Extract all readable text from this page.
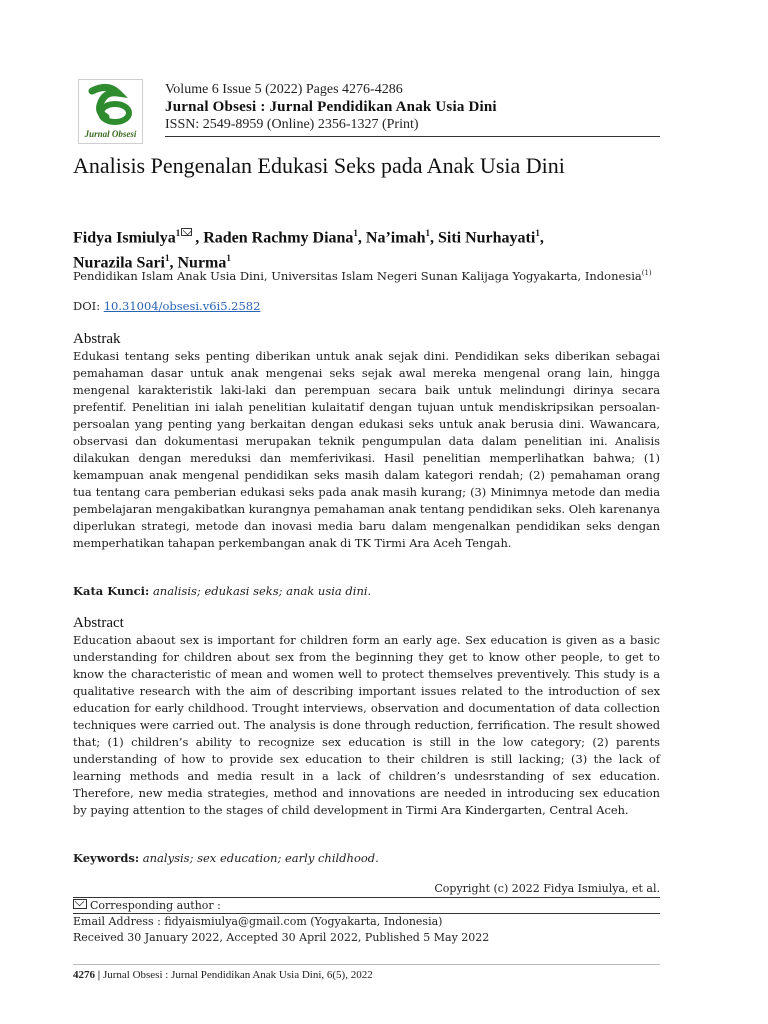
Jurnal Obsesi
Volume 6 Issue 5 (2022) Pages 4276-4286
Jurnal Obsesi : Jurnal Pendidikan Anak Usia Dini
ISSN: 2549-8959 (Online) 2356-1327 (Print)
Analisis Pengenalan Edukasi Seks pada Anak Usia Dini
Fidya Ismiulya$^1$ , Raden Rachmy Diana$^1$, Na’imah$^1$, Siti Nurhayati$^1$,
Nurazila Sari$^1$, Nurma$^1$
Pendidikan Islam Anak Usia Dini, Universitas Islam Negeri Sunan Kalijaga Yogyakarta, Indonesia$^{(1)}$
DOI: 10.31004/obsesi.v6i5.2582
Abstrak

Edukasi tentang seks penting diberikan untuk anak sejak dini. Pendidikan seks diberikan sebagai pemahaman dasar untuk anak mengenai seks sejak awal mereka mengenal orang lain, hingga mengenal karakteristik laki-laki dan perempuan secara baik untuk melindungi dirinya secara prefentif. Penelitian ini ialah penelitian kulaitatif dengan tujuan untuk mendiskripsikan persoalan-persoalan yang penting yang berkaitan dengan edukasi seks untuk anak berusia dini. Wawancara, observasi dan dokumentasi merupakan teknik pengumpulan data dalam penelitian ini. Analisis dilakukan dengan mereduksi dan memferivikasi. Hasil penelitian memperlihatkan bahwa; (1) kemampuan anak mengenal pendidikan seks masih dalam kategori rendah; (2) pemahaman orang tua tentang cara pemberian edukasi seks pada anak masih kurang; (3) Minimnya metode dan media pembelajaran mengakibatkan kurangnya pemahaman anak tentang pendidikan seks. Oleh karenanya diperlukan strategi, metode dan inovasi media baru dalam mengenalkan pendidikan seks dengan memperhatikan tahapan perkembangan anak di TK Tirmi Ara Aceh Tengah.

Kata Kunci: analisis; edukasi seks; anak usia dini.
Abstract

Education abaout sex is important for children form an early age. Sex education is given as a basic understanding for children about sex from the beginning they get to know other people, to get to know the characteristic of mean and women well to protect themselves preventively. This study is a qualitative research with the aim of describing important issues related to the introduction of sex education for early childhood. Trought interviews, observation and documentation of data collection techniques were carried out. The analysis is done through reduction, ferrification. The result showed that; (1) children’s ability to recognize sex education is still in the low category; (2) parents understanding of how to provide sex education to their children is still lacking; (3) the lack of learning methods and media result in a lack of children’s undesrstanding of sex education. Therefore, new media strategies, method and innovations are needed in introducing sex education by paying attention to the stages of child development in Tirmi Ara Kindergarten, Central Aceh.

Keywords: analysis; sex education; early childhood.
Copyright (c) 2022 Fidya Ismiulya, et al.
Corresponding author :
Email Address : fidyaismiulya@gmail.com (Yogyakarta, Indonesia)
Received 30 January 2022, Accepted 30 April 2022, Published 5 May 2022
4276 | Jurnal Obsesi : Jurnal Pendidikan Anak Usia Dini, 6(5), 2022
